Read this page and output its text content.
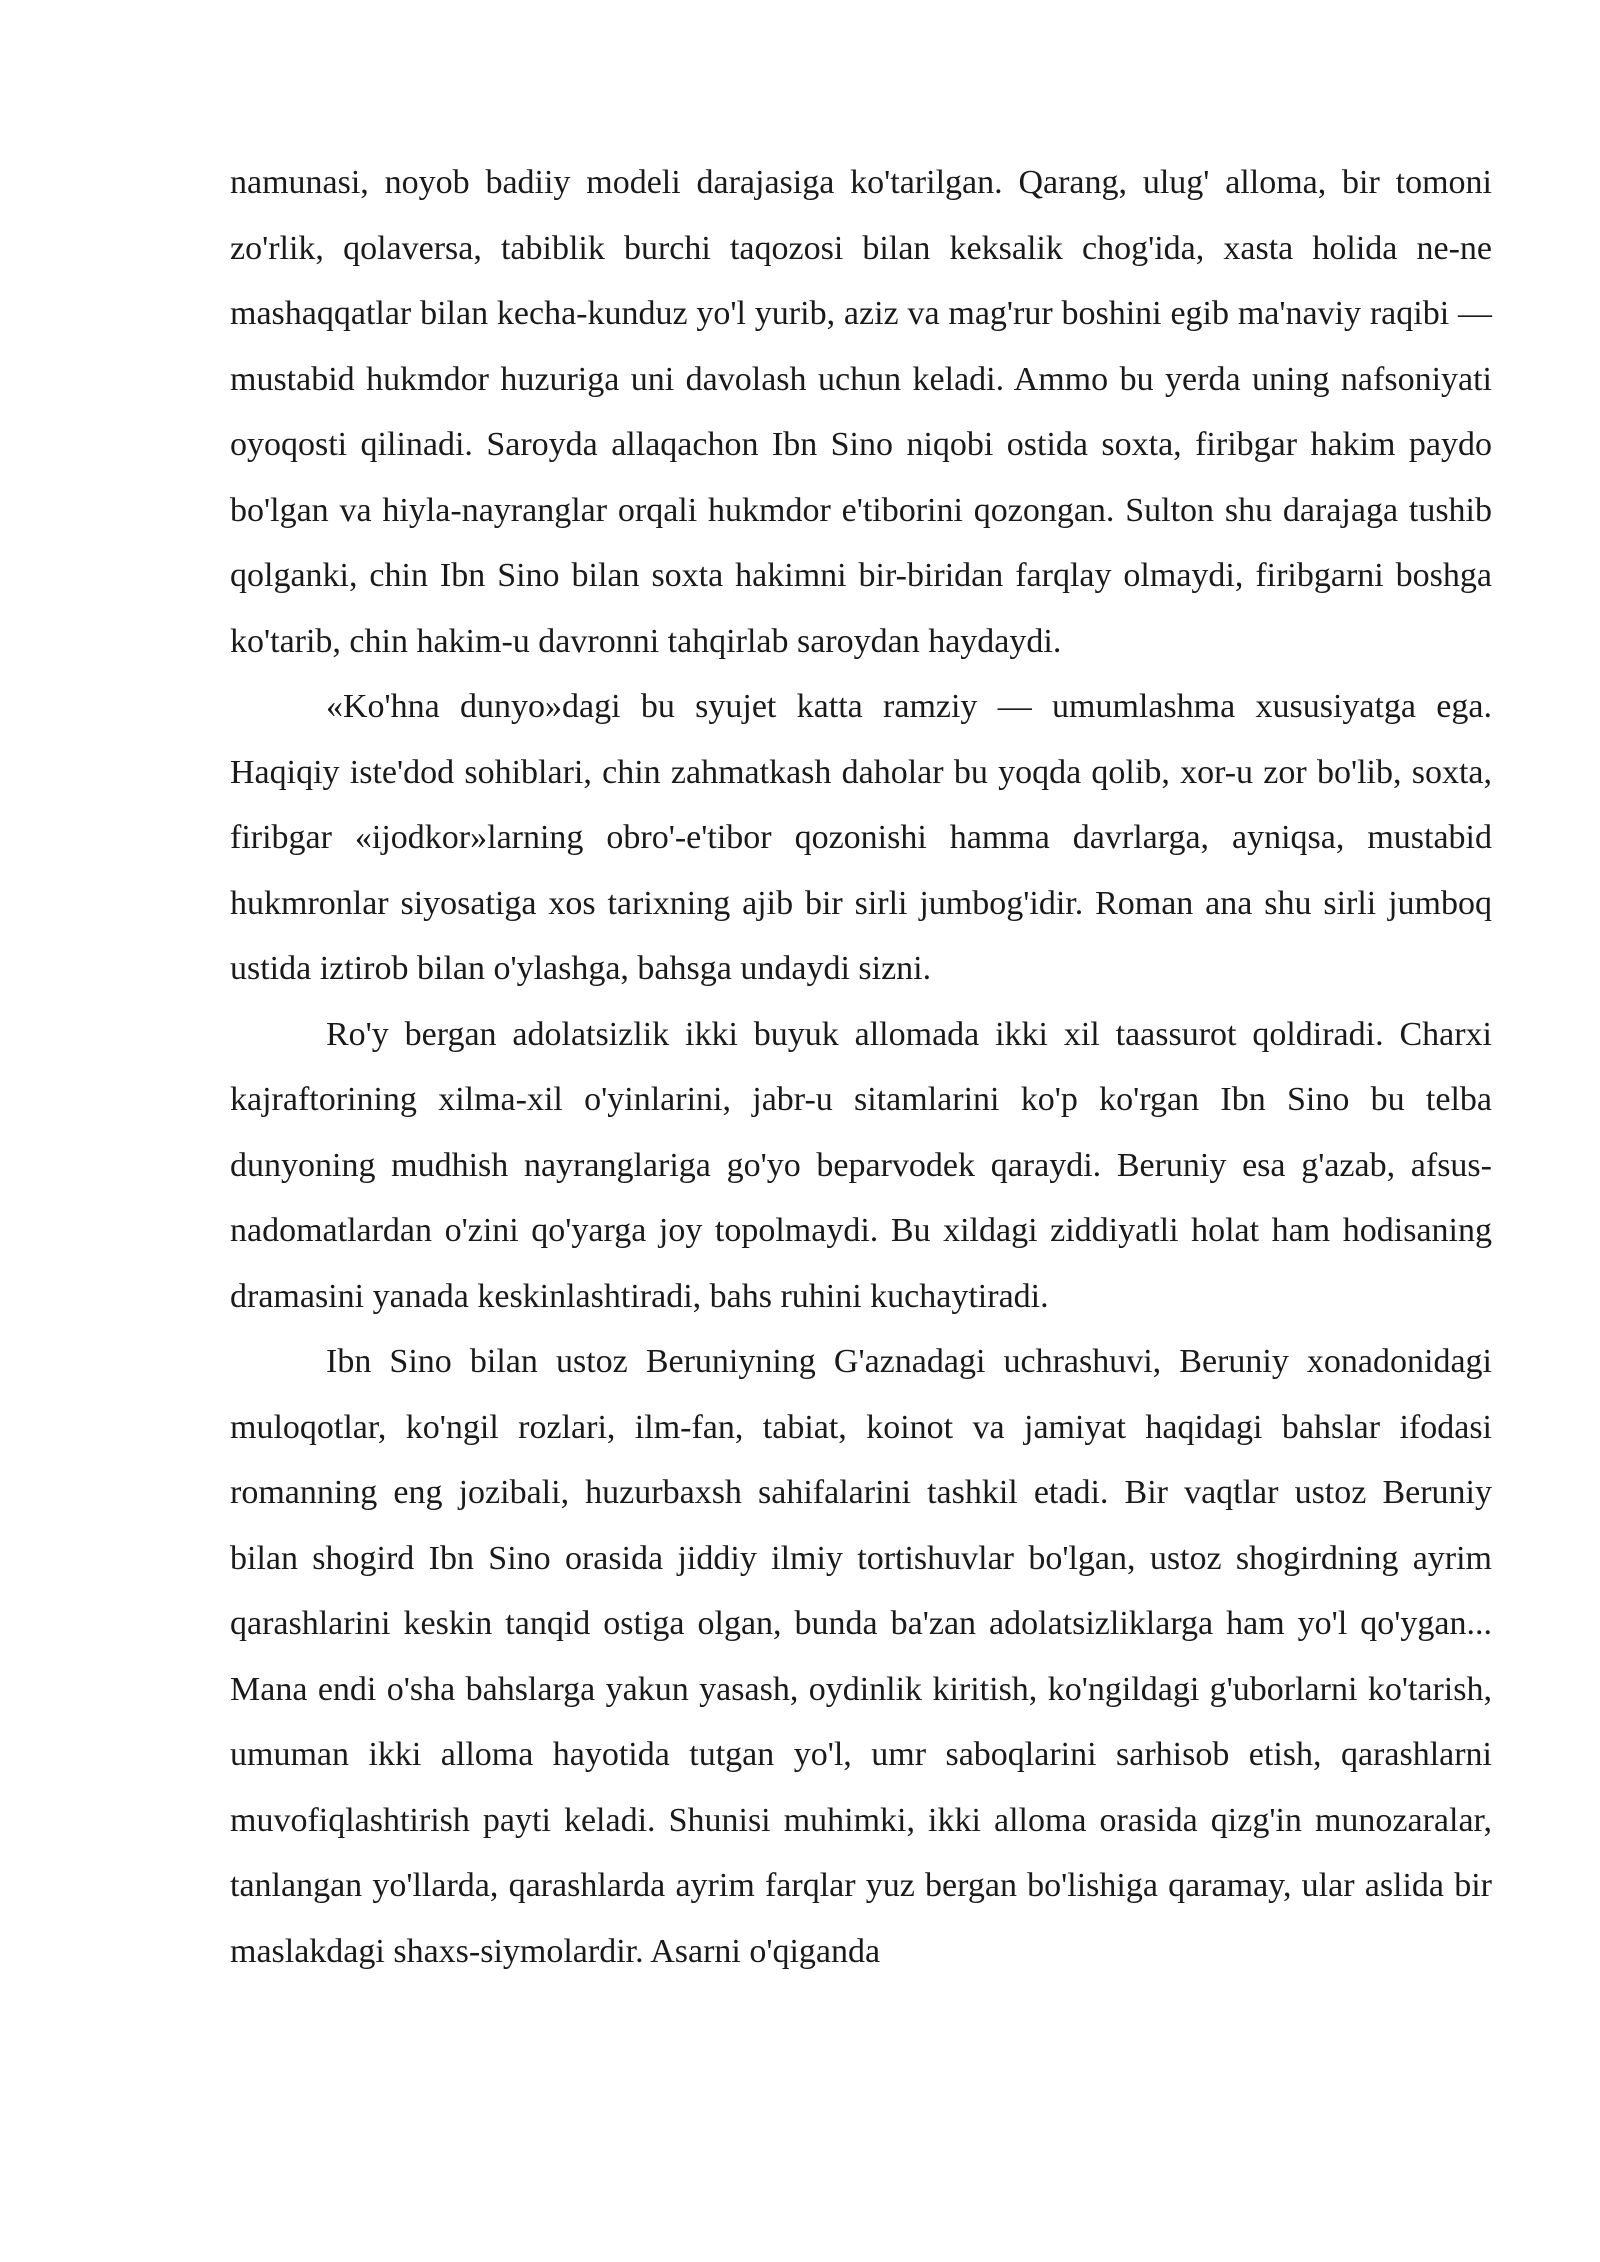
namunasi, noyob badiiy modeli darajasiga ko'tarilgan. Qarang, ulug' alloma, bir tomoni zo'rlik, qolaversa, tabiblik burchi taqozosi bilan keksalik chog'ida, xasta holida ne-ne mashaqqatlar bilan kecha-kunduz yo'l yurib, aziz va mag'rur boshini egib ma'naviy raqibi — mustabid hukmdor huzuriga uni davolash uchun keladi. Ammo bu yerda uning nafsoniyati oyoqosti qilinadi. Saroyda allaqachon Ibn Sino niqobi ostida soxta, firibgar hakim paydo bo'lgan va hiyla-nayranglar orqali hukmdor e'tiborini qozongan. Sulton shu darajaga tushib qolganki, chin Ibn Sino bilan soxta hakimni bir-biridan farqlay olmaydi, firibgarni boshga ko'tarib, chin hakim-u davronni tahqirlab saroydan haydaydi.

«Ko'hna dunyo»dagi bu syujet katta ramziy — umumlashma xususiyatga ega. Haqiqiy iste'dod sohiblari, chin zahmatkash daholar bu yoqda qolib, xor-u zor bo'lib, soxta, firibgar «ijodkor»larning obro'-e'tibor qozonishi hamma davrlarga, ayniqsa, mustabid hukmronlar siyosatiga xos tarixning ajib bir sirli jumbog'idir. Roman ana shu sirli jumboq ustida iztirob bilan o'ylashga, bahsga undaydi sizni.

Ro'y bergan adolatsizlik ikki buyuk allomada ikki xil taassurot qoldiradi. Charxi kajraftorining xilma-xil o'yinlarini, jabr-u sitamlarini ko'p ko'rgan Ibn Sino bu telba dunyoning mudhish nayranglariga go'yo beparvodek qaraydi. Beruniy esa g'azab, afsus-nadomatlardan o'zini qo'yarga joy topolmaydi. Bu xildagi ziddiyatli holat ham hodisaning dramasini yanada keskinlashtiradi, bahs ruhini kuchaytiradi.

Ibn Sino bilan ustoz Beruniyning G'aznadagi uchrashuvi, Beruniy xonadonidagi muloqotlar, ko'ngil rozlari, ilm-fan, tabiat, koinot va jamiyat haqidagi bahslar ifodasi romanning eng jozibali, huzurbaxsh sahifalarini tashkil etadi. Bir vaqtlar ustoz Beruniy bilan shogird Ibn Sino orasida jiddiy ilmiy tortishuvlar bo'lgan, ustoz shogirdning ayrim qarashlarini keskin tanqid ostiga olgan, bunda ba'zan adolatsizliklarga ham yo'l qo'ygan... Mana endi o'sha bahslarga yakun yasash, oydinlik kiritish, ko'ngildagi g'uborlarni ko'tarish, umuman ikki alloma hayotida tutgan yo'l, umr saboqlarini sarhisob etish, qarashlarni muvofiqlashtirish payti keladi. Shunisi muhimki, ikki alloma orasida qizg'in munozaralar, tanlangan yo'llarda, qarashlarda ayrim farqlar yuz bergan bo'lishiga qaramay, ular aslida bir maslakdagi shaxs-siymolardir. Asarni o'qiganda
